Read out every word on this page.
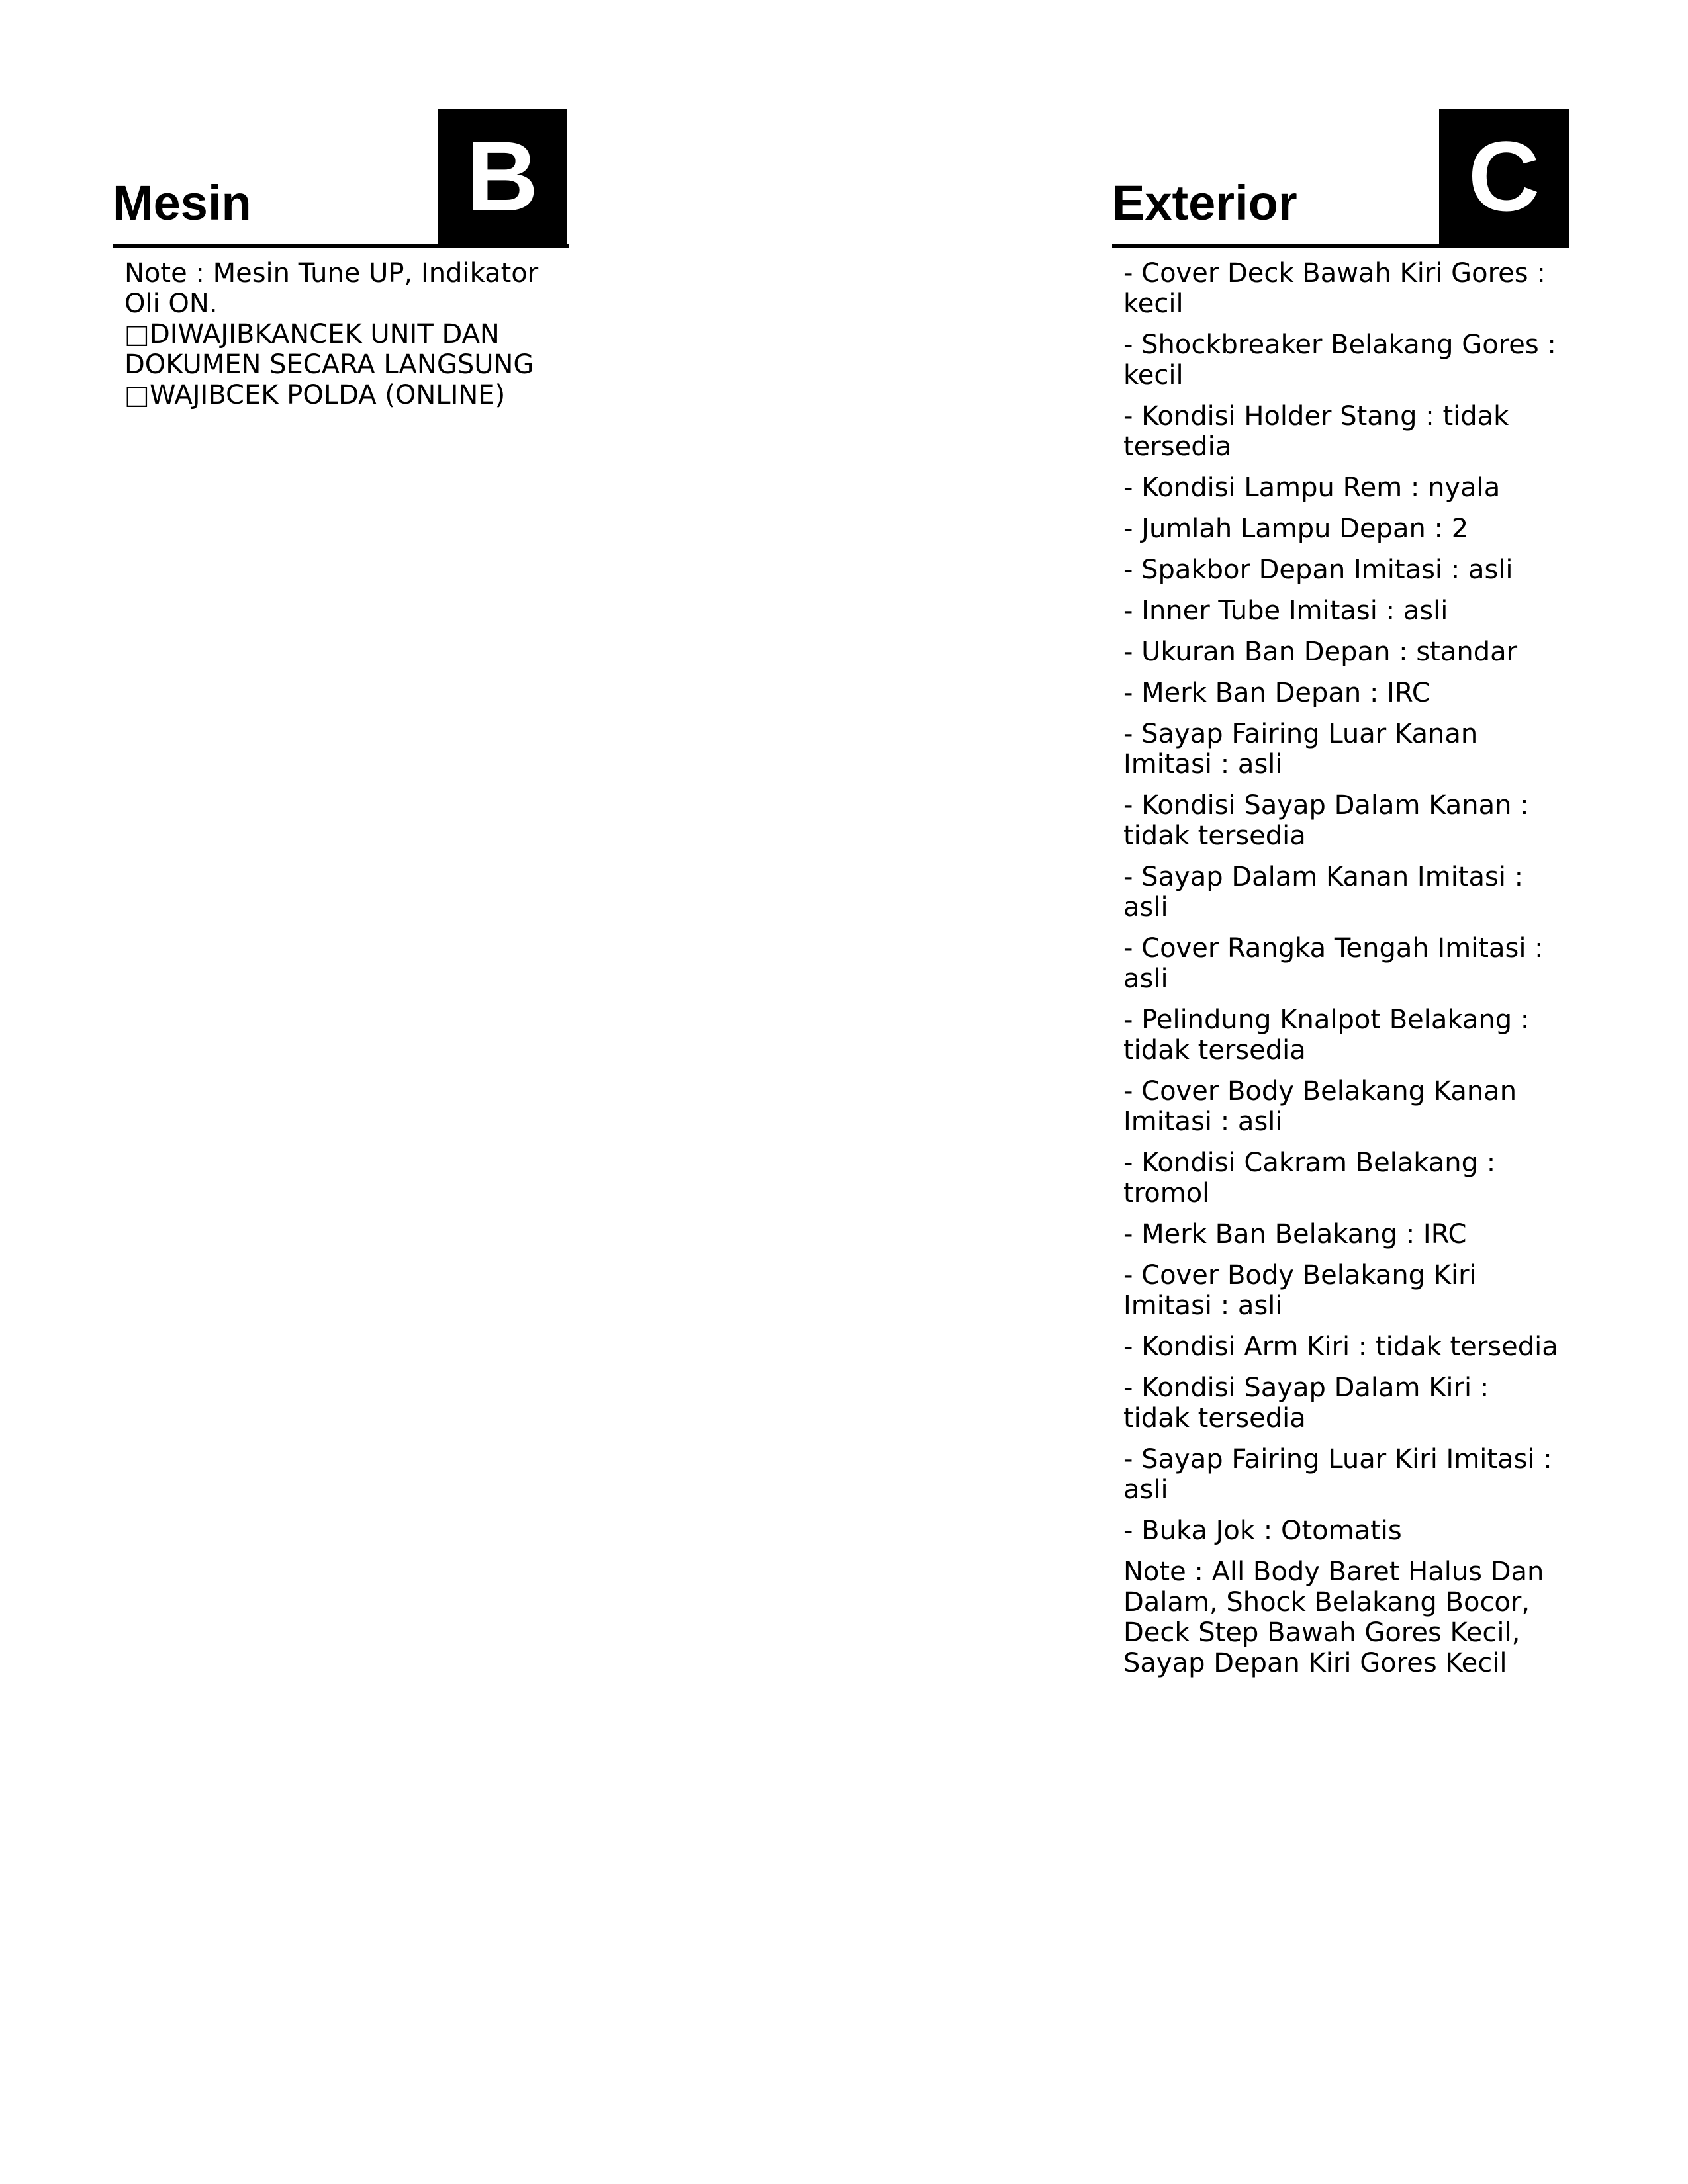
Mesin B
Note : Mesin Tune UP, Indikator Oli ON.
□DIWAJIBKANCEK UNIT DAN DOKUMEN SECARA LANGSUNG
□WAJIBCEK POLDA (ONLINE)
Exterior C
- Cover Deck Bawah Kiri Gores : kecil
- Shockbreaker Belakang Gores : kecil
- Kondisi Holder Stang : tidak tersedia
- Kondisi Lampu Rem : nyala
- Jumlah Lampu Depan : 2
- Spakbor Depan Imitasi : asli
- Inner Tube Imitasi : asli
- Ukuran Ban Depan : standar
- Merk Ban Depan : IRC
- Sayap Fairing Luar Kanan Imitasi : asli
- Kondisi Sayap Dalam Kanan : tidak tersedia
- Sayap Dalam Kanan Imitasi : asli
- Cover Rangka Tengah Imitasi : asli
- Pelindung Knalpot Belakang : tidak tersedia
- Cover Body Belakang Kanan Imitasi : asli
- Kondisi Cakram Belakang : tromol
- Merk Ban Belakang : IRC
- Cover Body Belakang Kiri Imitasi : asli
- Kondisi Arm Kiri : tidak tersedia
- Kondisi Sayap Dalam Kiri : tidak tersedia
- Sayap Fairing Luar Kiri Imitasi : asli
- Buka Jok : Otomatis
Note : All Body Baret Halus Dan Dalam, Shock Belakang Bocor, Deck Step Bawah Gores Kecil, Sayap Depan Kiri Gores Kecil
